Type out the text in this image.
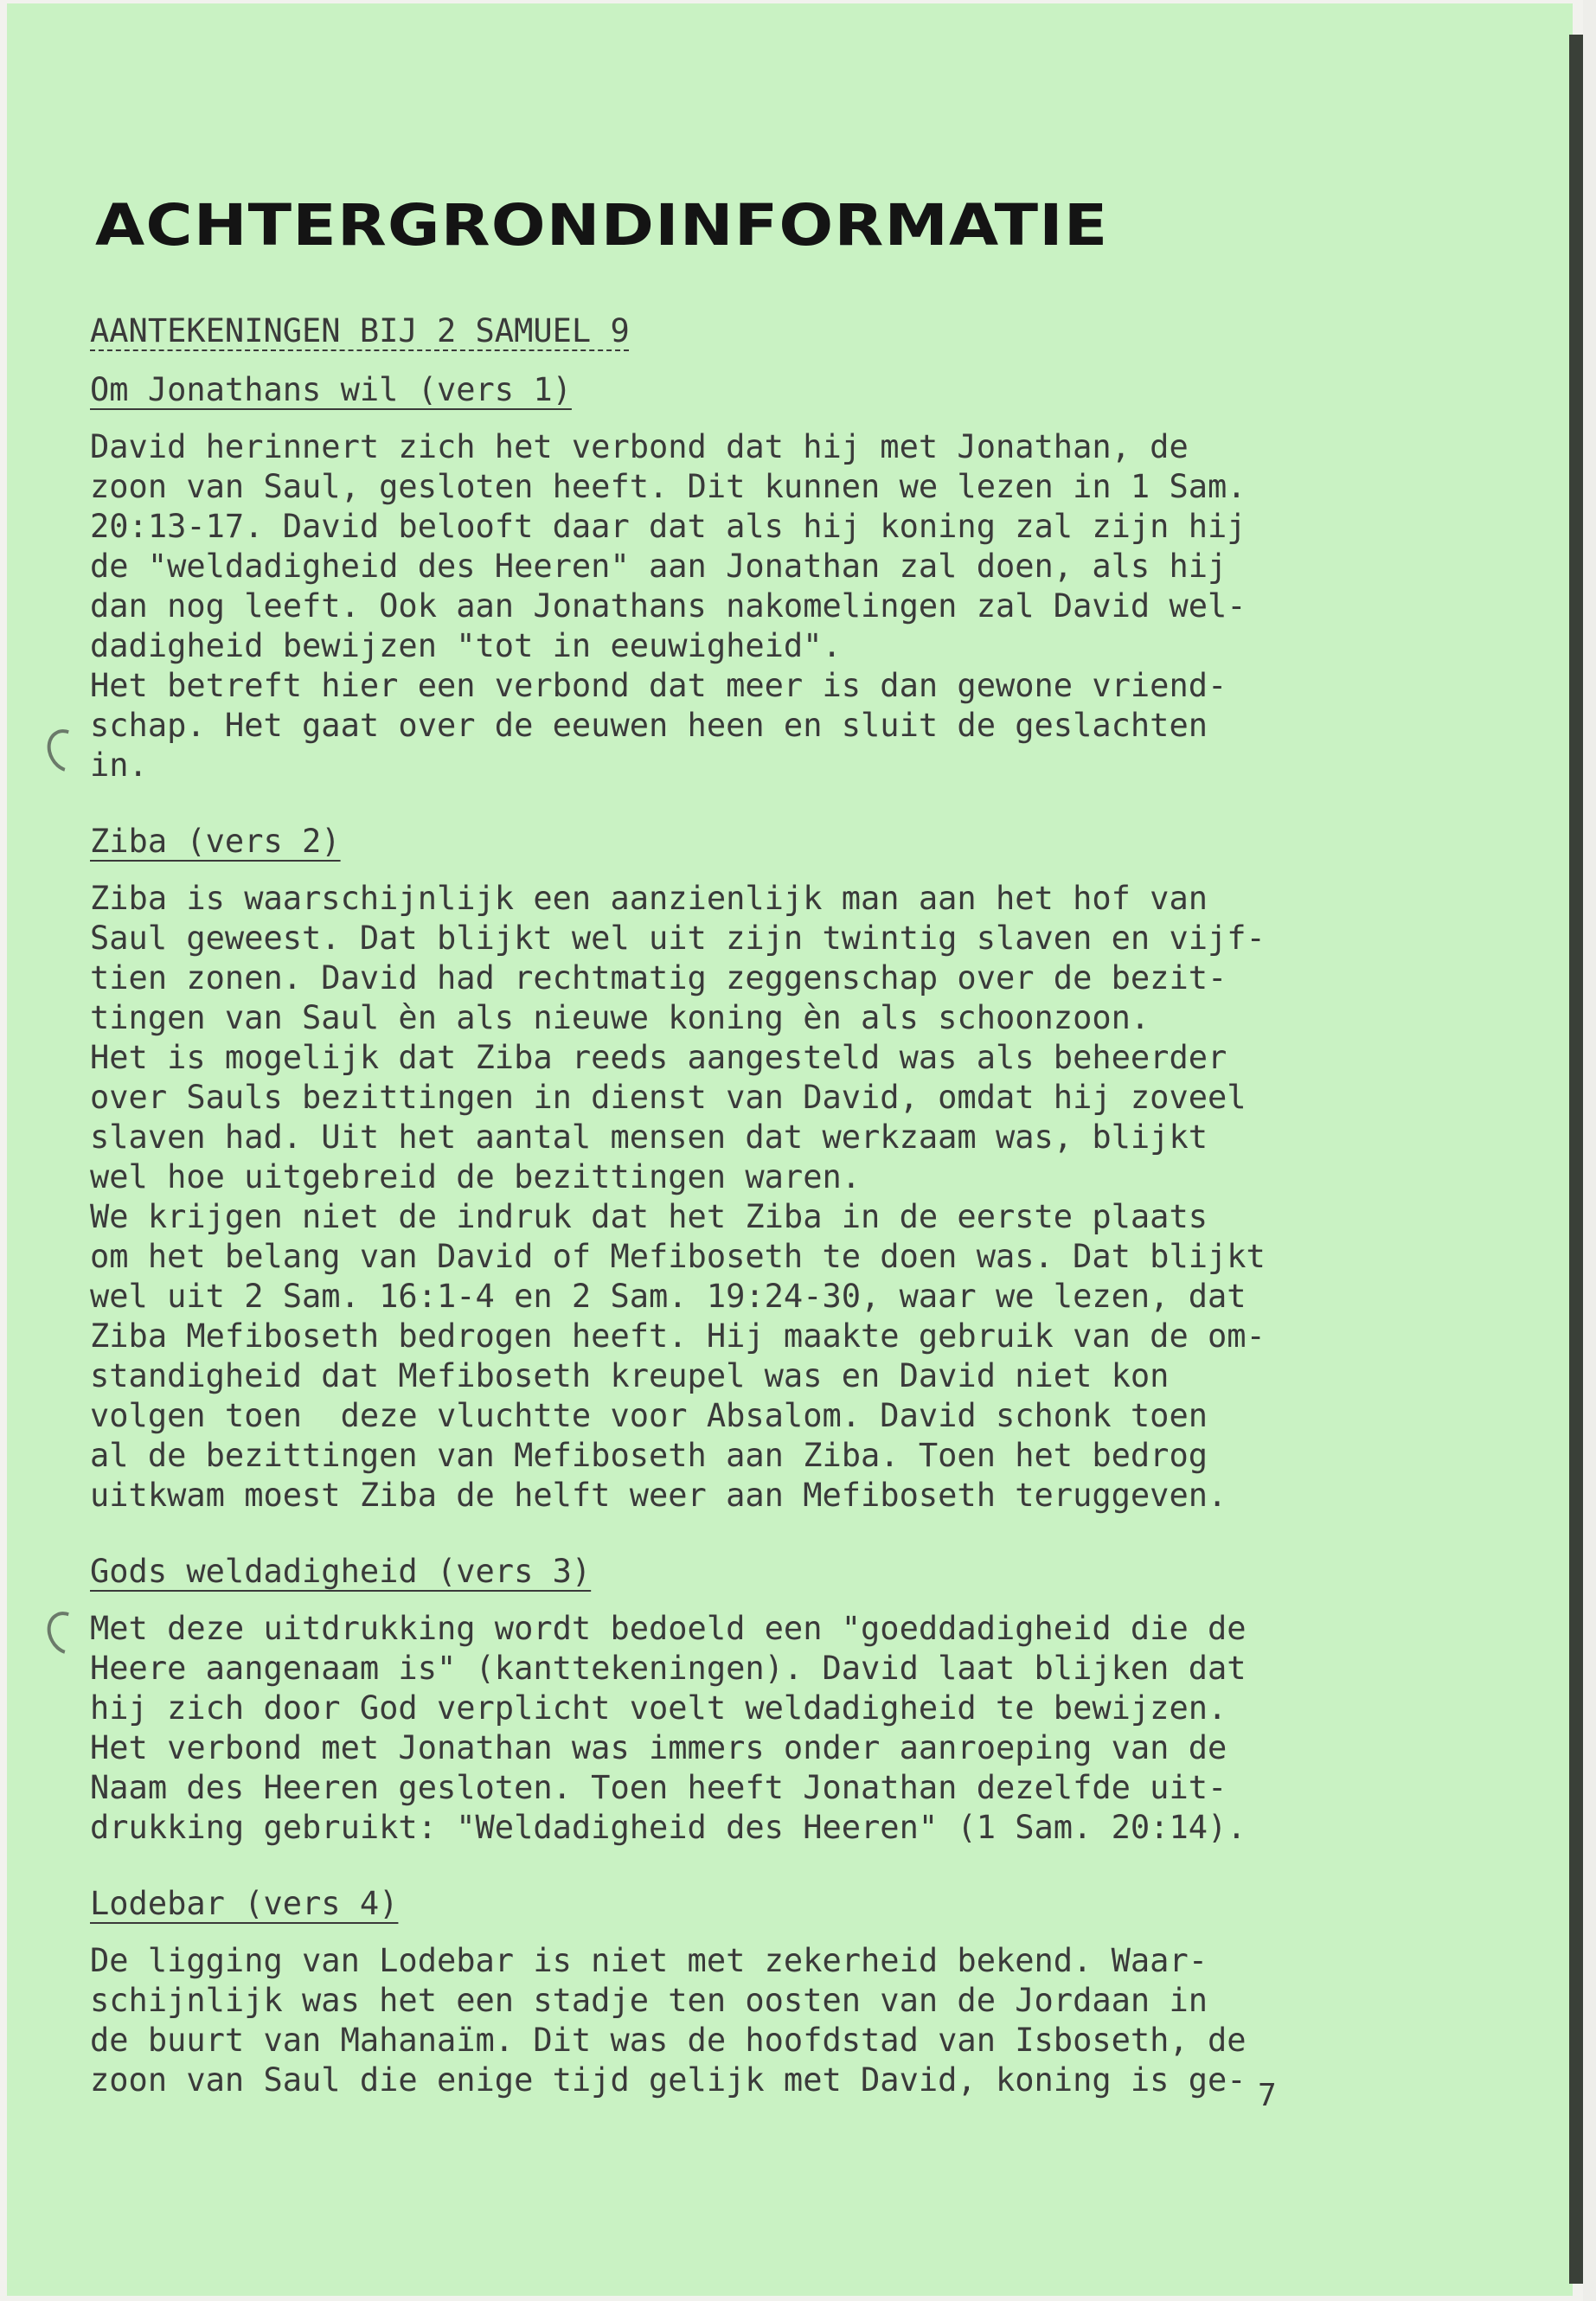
ACHTERGRONDINFORMATIE
AANTEKENINGEN BIJ 2 SAMUEL 9
Om Jonathans wil (vers 1)
David herinnert zich het verbond dat hij met Jonathan, de
zoon van Saul, gesloten heeft. Dit kunnen we lezen in 1 Sam.
20:13-17. David belooft daar dat als hij koning zal zijn hij
de "weldadigheid des Heeren" aan Jonathan zal doen, als hij
dan nog leeft. Ook aan Jonathans nakomelingen zal David wel-
dadigheid bewijzen "tot in eeuwigheid".
Het betreft hier een verbond dat meer is dan gewone vriend-
schap. Het gaat over de eeuwen heen en sluit de geslachten
in.
Ziba (vers 2)
Ziba is waarschijnlijk een aanzienlijk man aan het hof van
Saul geweest. Dat blijkt wel uit zijn twintig slaven en vijf-
tien zonen. David had rechtmatig zeggenschap over de bezit-
tingen van Saul èn als nieuwe koning èn als schoonzoon.
Het is mogelijk dat Ziba reeds aangesteld was als beheerder
over Sauls bezittingen in dienst van David, omdat hij zoveel
slaven had. Uit het aantal mensen dat werkzaam was, blijkt
wel hoe uitgebreid de bezittingen waren.
We krijgen niet de indruk dat het Ziba in de eerste plaats
om het belang van David of Mefiboseth te doen was. Dat blijkt
wel uit 2 Sam. 16:1-4 en 2 Sam. 19:24-30, waar we lezen, dat
Ziba Mefiboseth bedrogen heeft. Hij maakte gebruik van de om-
standigheid dat Mefiboseth kreupel was en David niet kon
volgen toen  deze vluchtte voor Absalom. David schonk toen
al de bezittingen van Mefiboseth aan Ziba. Toen het bedrog
uitkwam moest Ziba de helft weer aan Mefiboseth teruggeven.
Gods weldadigheid (vers 3)
Met deze uitdrukking wordt bedoeld een "goeddadigheid die de
Heere aangenaam is" (kanttekeningen). David laat blijken dat
hij zich door God verplicht voelt weldadigheid te bewijzen.
Het verbond met Jonathan was immers onder aanroeping van de
Naam des Heeren gesloten. Toen heeft Jonathan dezelfde uit-
drukking gebruikt: "Weldadigheid des Heeren" (1 Sam. 20:14).
Lodebar (vers 4)
De ligging van Lodebar is niet met zekerheid bekend. Waar-
schijnlijk was het een stadje ten oosten van de Jordaan in
de buurt van Mahanaïm. Dit was de hoofdstad van Isboseth, de
zoon van Saul die enige tijd gelijk met David, koning is ge- 7
